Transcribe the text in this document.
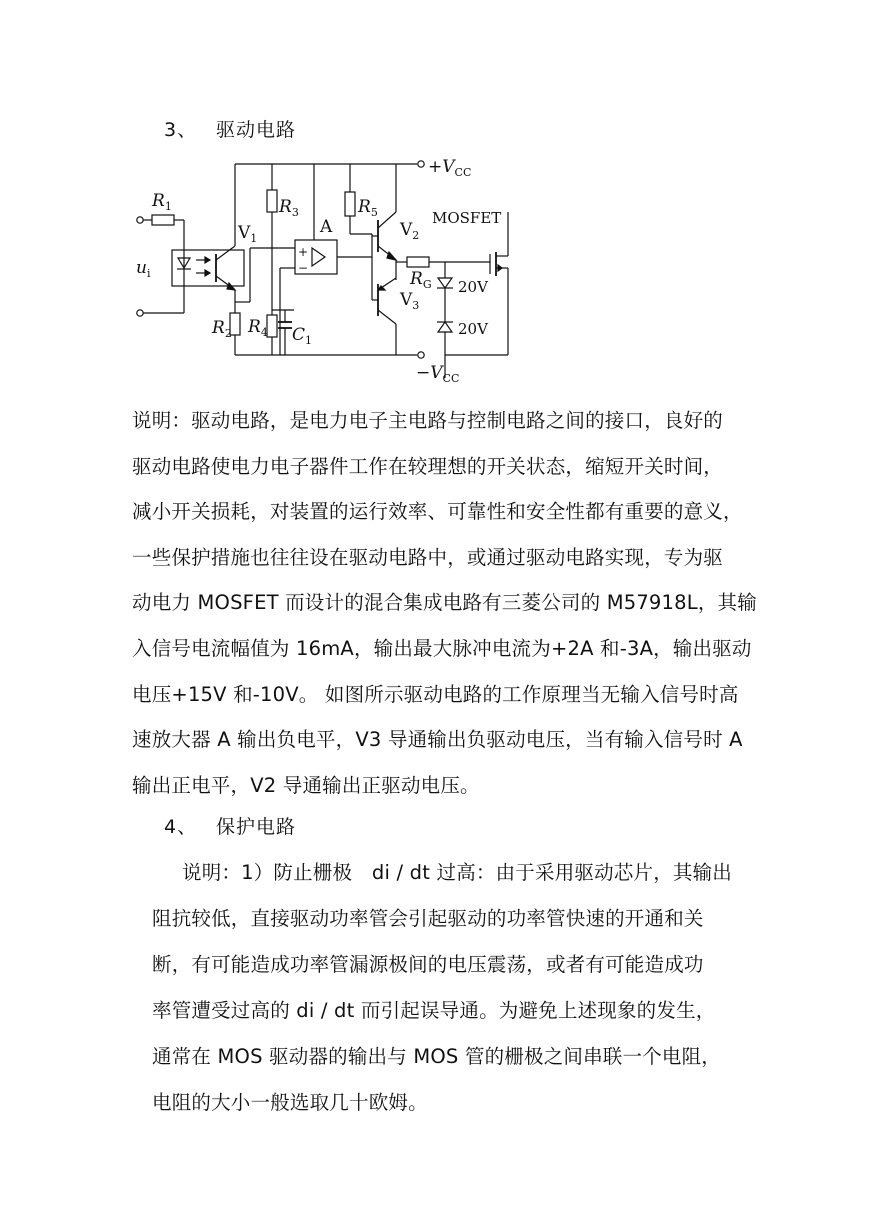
3、 驱动电路
$+V_{CC}$
$-V_{CC}$
$R_1$
$R_2$
$R_3$
$R_4$
$R_5$
$R_G$
$C_1$
$V_1$	$V_2$
$V_3$
A
+
−
$u_i$
MOSFET
20V
20V

说明：驱动电路，是电力电子主电路与控制电路之间的接口，良好的

驱动电路使电力电子器件工作在较理想的开关状态，缩短开关时间，

减小开关损耗，对装置的运行效率、可靠性和安全性都有重要的意义，

一些保护措施也往往设在驱动电路中，或通过驱动电路实现，专为驱

动电力 MOSFET 而设计的混合集成电路有三菱公司的 M57918L，其输

入信号电流幅值为 16mA，输出最大脉冲电流为+2A 和-3A，输出驱动

电压+15V 和-10V。 如图所示驱动电路的工作原理当无输入信号时高

速放大器 A 输出负电平，V3 导通输出负驱动电压，当有输入信号时 A

输出正电平，V2 导通输出正驱动电压。

4、 保护电路

说明：1）防止栅极　di / dt 过高：由于采用驱动芯片，其输出

阻抗较低，直接驱动功率管会引起驱动的功率管快速的开通和关

断，有可能造成功率管漏源极间的电压震荡，或者有可能造成功

率管遭受过高的 di / dt 而引起误导通。为避免上述现象的发生，

通常在 MOS 驱动器的输出与 MOS 管的栅极之间串联一个电阻，

电阻的大小一般选取几十欧姆。
